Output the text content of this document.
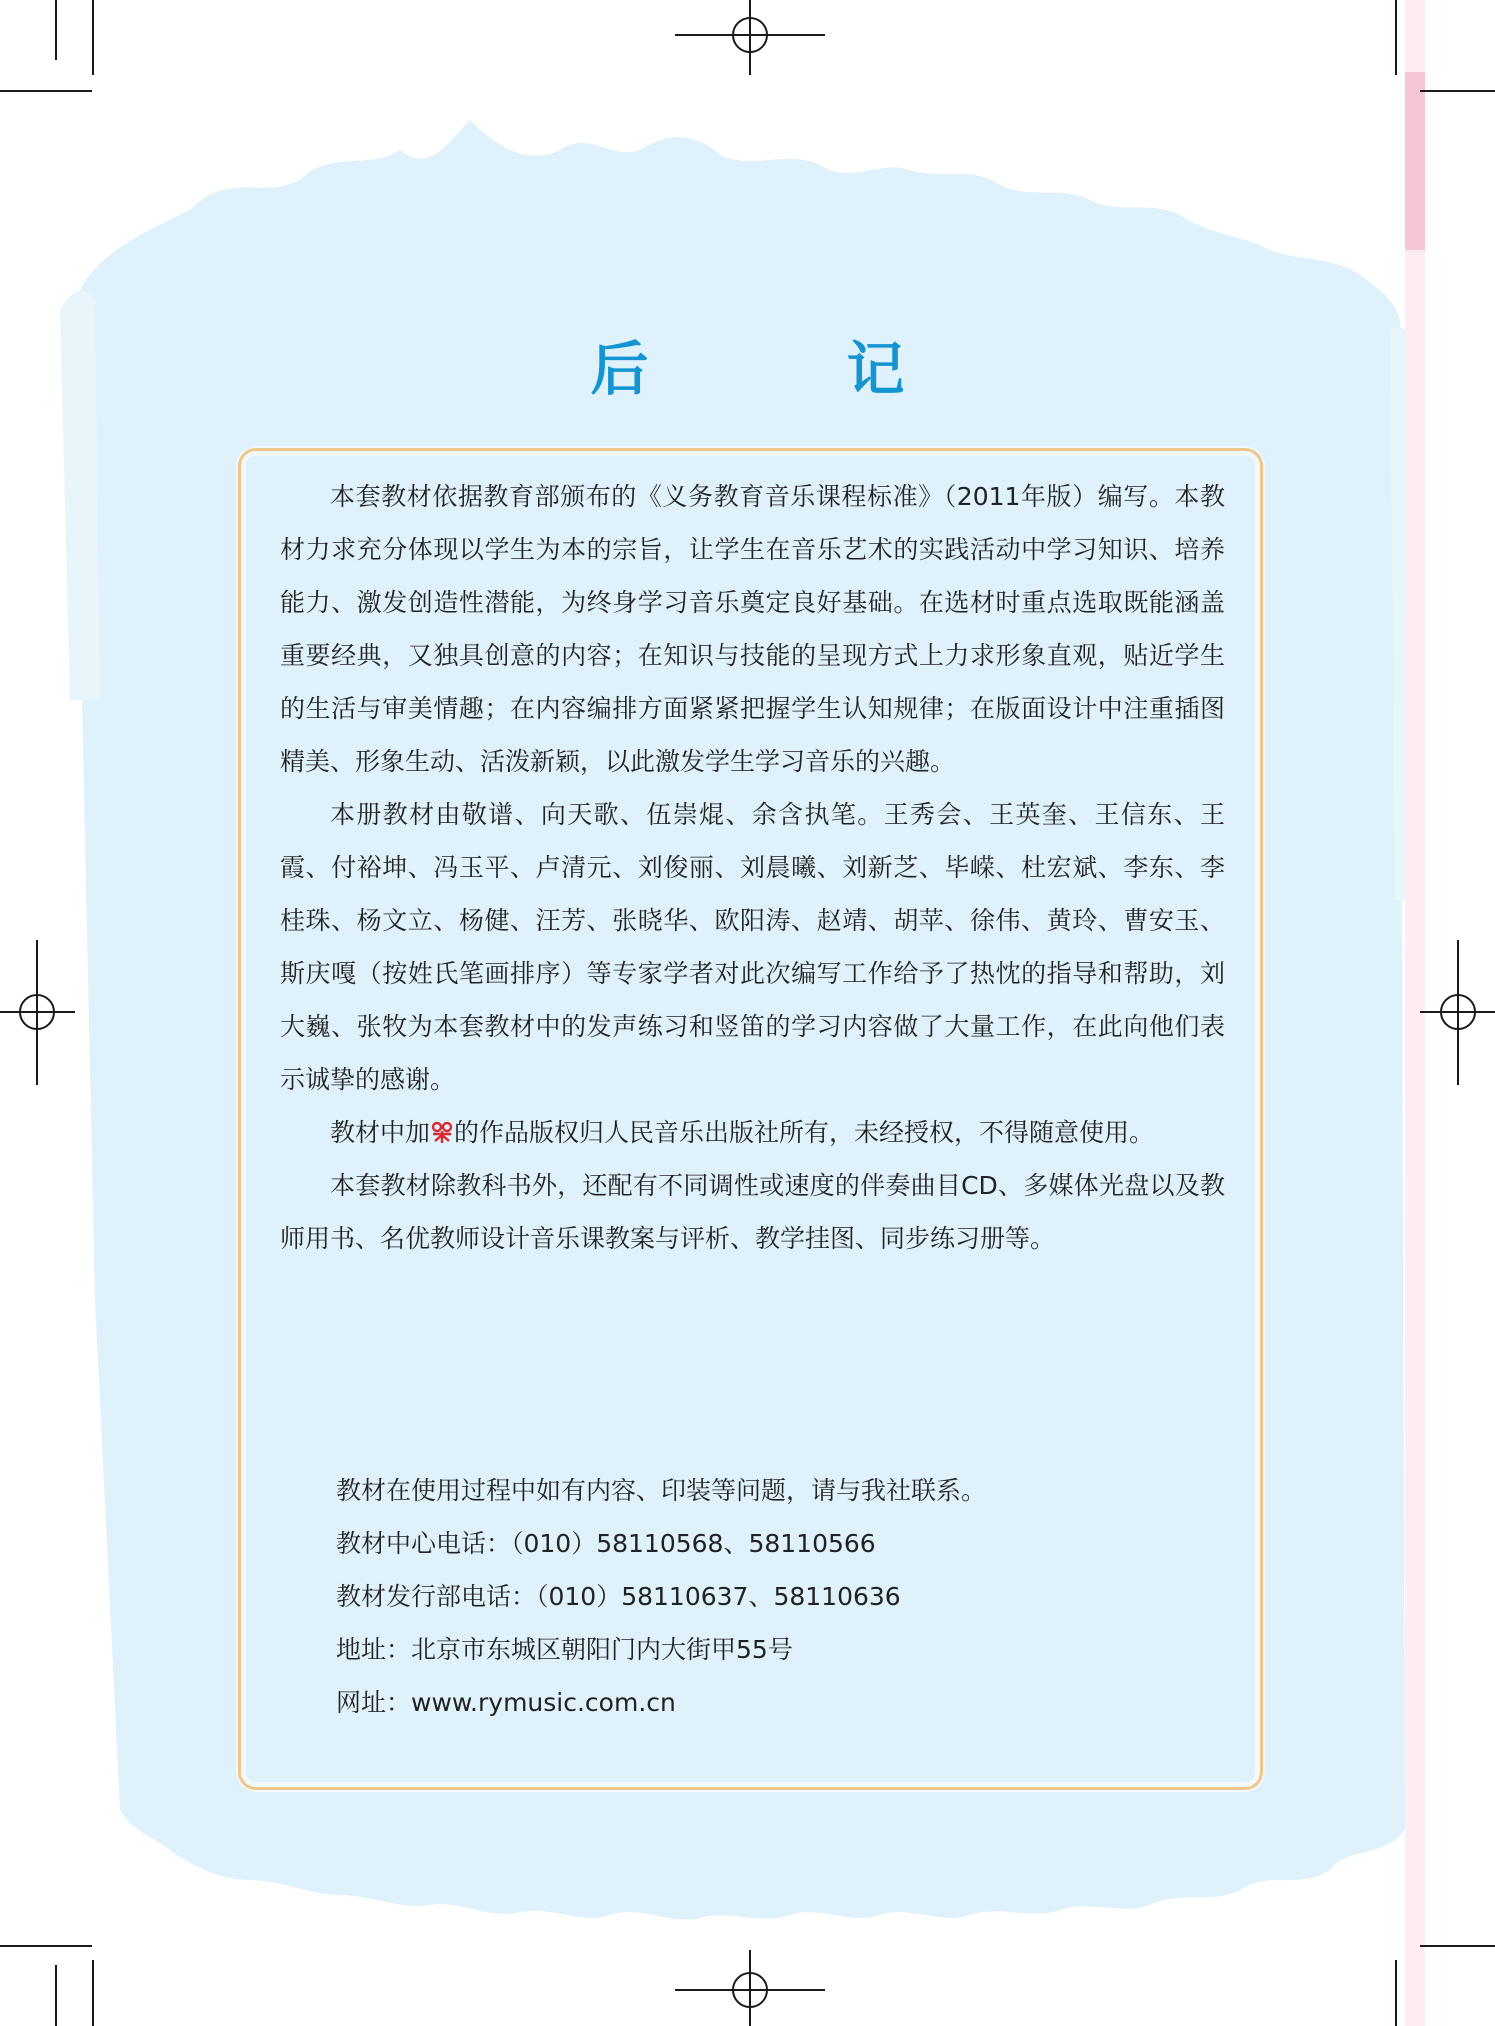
后　记

本套教材依据教育部颁布的《义务教育音乐课程标准》（2011年版）编写。本教材力求充分体现以学生为本的宗旨，让学生在音乐艺术的实践活动中学习知识、培养能力、激发创造性潜能，为终身学习音乐奠定良好基础。在选材时重点选取既能涵盖重要经典，又独具创意的内容；在知识与技能的呈现方式上力求形象直观，贴近学生的生活与审美情趣；在内容编排方面紧紧把握学生认知规律；在版面设计中注重插图精美、形象生动、活泼新颖，以此激发学生学习音乐的兴趣。

本册教材由敬谱、向天歌、伍崇焜、余含执笔。王秀会、王英奎、王信东、王霞、付裕坤、冯玉平、卢清元、刘俊丽、刘晨曦、刘新芝、毕嵘、杜宏斌、李东、李桂珠、杨文立、杨健、汪芳、张晓华、欧阳涛、赵靖、胡苹、徐伟、黄玲、曹安玉、斯庆嘎（按姓氏笔画排序）等专家学者对此次编写工作给予了热忱的指导和帮助，刘大巍、张牧为本套教材中的发声练习和竖笛的学习内容做了大量工作，在此向他们表示诚挚的感谢。

教材中加 的作品版权归人民音乐出版社所有，未经授权，不得随意使用。

本套教材除教科书外，还配有不同调性或速度的伴奏曲目CD、多媒体光盘以及教师用书、名优教师设计音乐课教案与评析、教学挂图、同步练习册等。

教材在使用过程中如有内容、印装等问题，请与我社联系。
教材中心电话：（010）58110568、58110566
教材发行部电话：（010）58110637、58110636
地址：北京市东城区朝阳门内大街甲55号
网址：www.rymusic.com.cn
